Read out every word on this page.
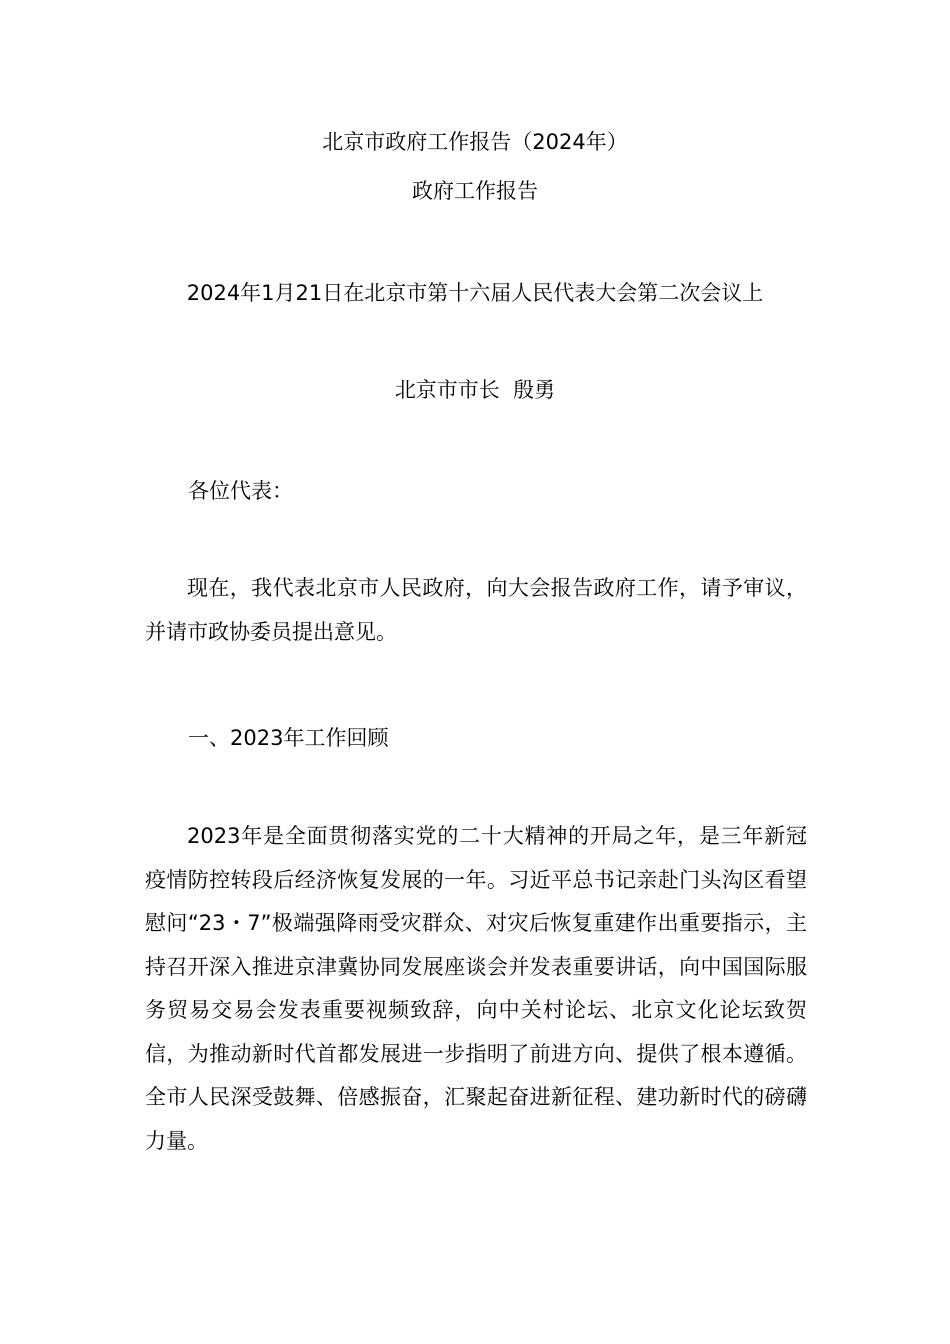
北京市政府工作报告（2024年）

政府工作报告

2024年1月21日在北京市第十六届人民代表大会第二次会议上

北京市市长  殷勇

各位代表：

现在，我代表北京市人民政府，向大会报告政府工作，请予审议，并请市政协委员提出意见。

一、2023年工作回顾

2023年是全面贯彻落实党的二十大精神的开局之年，是三年新冠疫情防控转段后经济恢复发展的一年。习近平总书记亲赴门头沟区看望慰问“23・7”极端强降雨受灾群众、对灾后恢复重建作出重要指示，主持召开深入推进京津冀协同发展座谈会并发表重要讲话，向中国国际服务贸易交易会发表重要视频致辞，向中关村论坛、北京文化论坛致贺信，为推动新时代首都发展进一步指明了前进方向、提供了根本遵循。全市人民深受鼓舞、倍感振奋，汇聚起奋进新征程、建功新时代的磅礴力量。
